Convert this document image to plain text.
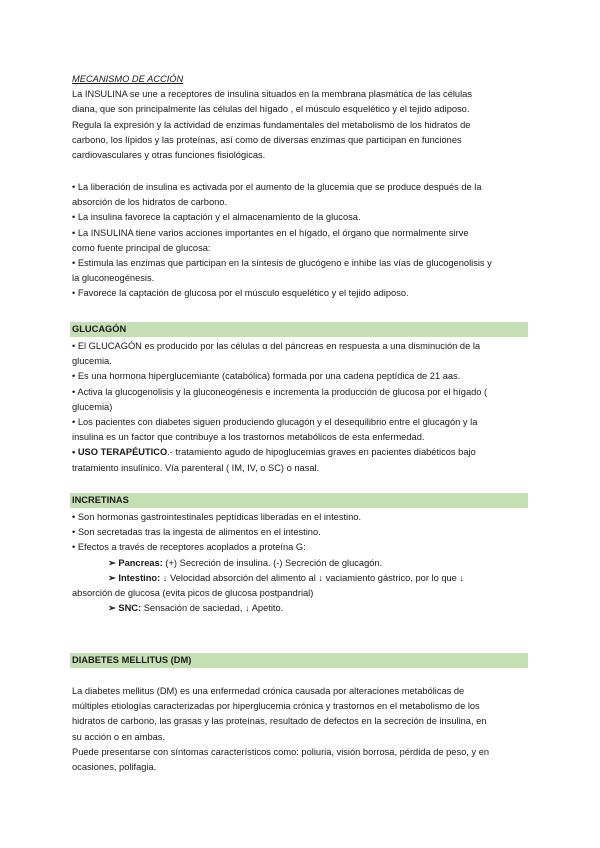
MECANISMO DE ACCIÓN

La INSULINA se une a receptores de insulina situados en la membrana plasmática de las células

diana, que son principalmente las células del hígado , el músculo esquelético y el tejido adiposo.

Regula la expresión y la actividad de enzimas fundamentales del metabolismo de los hidratos de

carbono, los lípidos y las proteínas, así como de diversas enzimas que participan en funciones

cardiovasculares y otras funciones fisiológicas.

• La liberación de insulina es activada por el aumento de la glucemia que se produce después de la

absorción de los hidratos de carbono.

• La insulina favorece la captación y el almacenamiento de la glucosa.

• La INSULINA tiene varios acciones importantes en el hígado, el órgano que normalmente sirve

como fuente principal de glucosa:

• Estimula las enzimas que participan en la síntesis de glucógeno e inhibe las vías de glucogenolisis y

la gluconeogénesis.

• Favorece la captación de glucosa por el músculo esquelético y el tejido adiposo.

GLUCAGÓN

• El GLUCAGÓN es producido por las células α del páncreas en respuesta a una disminución de la

glucemia.

• Es una hormona hiperglucemiante (catabólica) formada por una cadena peptídica de 21 aas.

• Activa la glucogenolisis y la gluconeogénesis e incrementa la producción de glucosa por el hígado (

glucemia)

• Los pacientes con diabetes siguen produciendo glucagón y el desequilibrio entre el glucagón y la

insulina es un factor que contribuye a los trastornos metabólicos de esta enfermedad.

• USO TERAPÉUTICO.- tratamiento agudo de hipoglucemias graves en pacientes diabéticos bajo

tratamiento insulínico. Vía parenteral ( IM, IV, o SC) o nasal.

INCRETINAS

• Son hormonas gastrointestinales peptídicas liberadas en el intestino.

• Son secretadas tras la ingesta de alimentos en el intestino.

• Efectos a través de receptores acoplados a proteína G:

➢ Pancreas: (+) Secreción de insulina. (-) Secreción de glucagón.

➢ Intestino: ↓ Velocidad absorción del alimento al ↓ vaciamiento gástrico, por lo que ↓

absorción de glucosa (evita picos de glucosa postpandrial)

➢ SNC: Sensación de saciedad, ↓ Apetito.

DIABETES MELLITUS (DM)

La diabetes mellitus (DM) es una enfermedad crónica causada por alteraciones metabólicas de

múltiples etiologías caracterizadas por hiperglucemia crónica y trastornos en el metabolismo de los

hidratos de carbono, las grasas y las proteínas, resultado de defectos en la secreción de insulina, en

su acción o en ambas.

Puede presentarse con síntomas característicos como: poliuria, visión borrosa, pérdida de peso, y en

ocasiones, polifagia.
